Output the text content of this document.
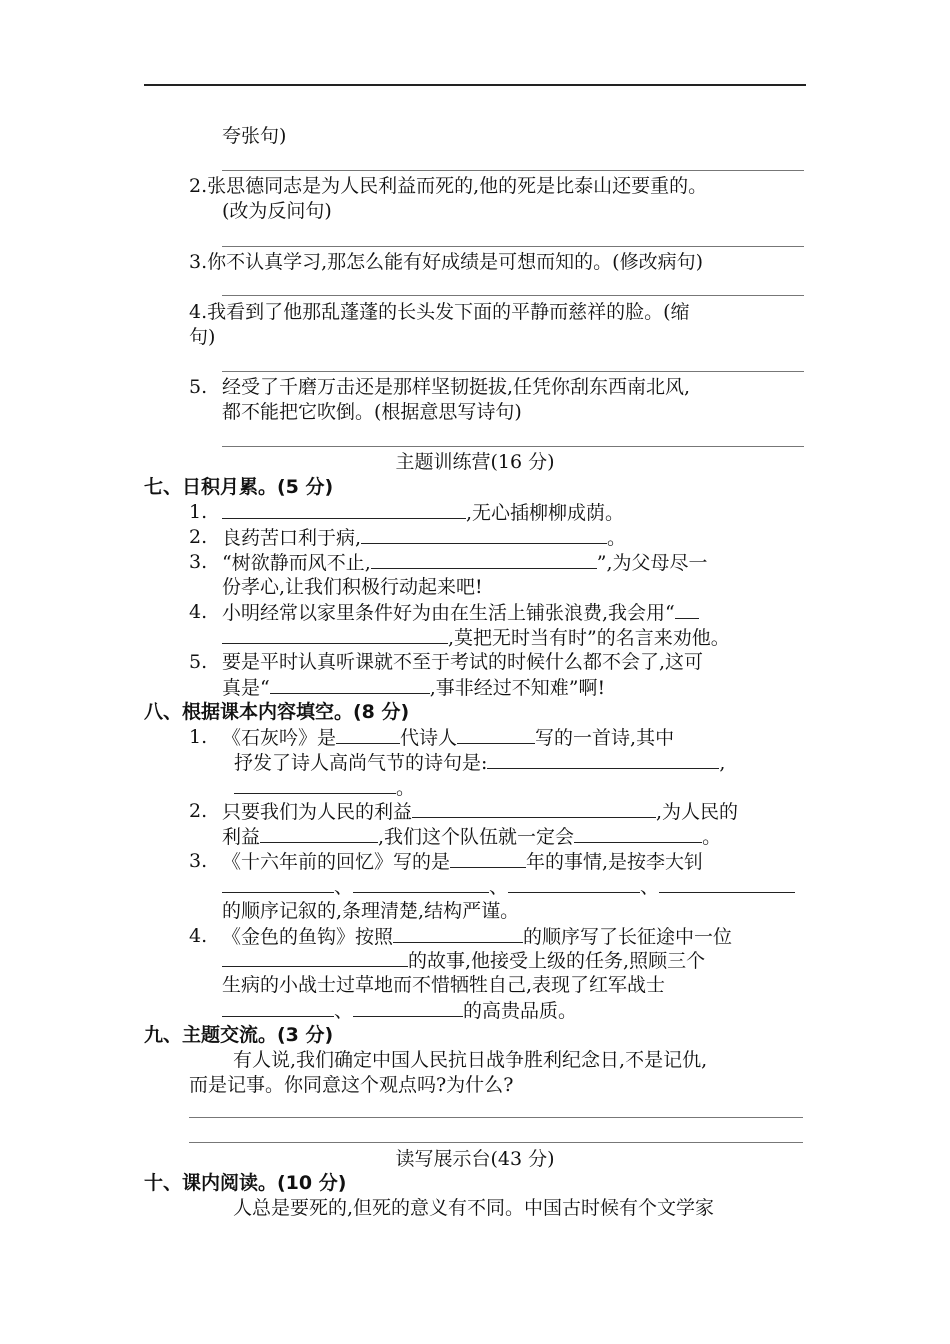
夸张句)
2.张思德同志是为人民利益而死的,他的死是比泰山还要重的。
(改为反问句)
3.你不认真学习,那怎么能有好成绩是可想而知的。(修改病句)
4.我看到了他那乱蓬蓬的长头发下面的平静而慈祥的脸。(缩
句)
5. 经受了千磨万击还是那样坚韧挺拔,任凭你刮东西南北风,
都不能把它吹倒。(根据意思写诗句)
主题训练营(16 分)
七、日积月累。(5 分)
1.	,无心插柳柳成荫。
2. 良药苦口利于病,	。
3. “树欲静而风不止,	”,为父母尽一
份孝心,让我们积极行动起来吧!
4. 小明经常以家里条件好为由在生活上铺张浪费,我会用“
,莫把无时当有时”的名言来劝他。
5. 要是平时认真听课就不至于考试的时候什么都不会了,这可
真是“	,事非经过不知难”啊!
八、根据课本内容填空。(8 分)
1. 《石灰吟》是	代诗人	写的一首诗,其中
抒发了诗人高尚气节的诗句是:	,
。
2. 只要我们为人民的利益	,为人民的
利益	,我们这个队伍就一定会	。
3. 《十六年前的回忆》写的是	年的事情,是按李大钊
、	、	、
的顺序记叙的,条理清楚,结构严谨。
4. 《金色的鱼钩》按照	的顺序写了长征途中一位
的故事,他接受上级的任务,照顾三个
生病的小战士过草地而不惜牺牲自己,表现了红军战士
、	的高贵品质。
九、主题交流。(3 分)
有人说,我们确定中国人民抗日战争胜利纪念日,不是记仇,
而是记事。你同意这个观点吗?为什么?
读写展示台(43 分)
十、课内阅读。(10 分)
人总是要死的,但死的意义有不同。中国古时候有个文学家
